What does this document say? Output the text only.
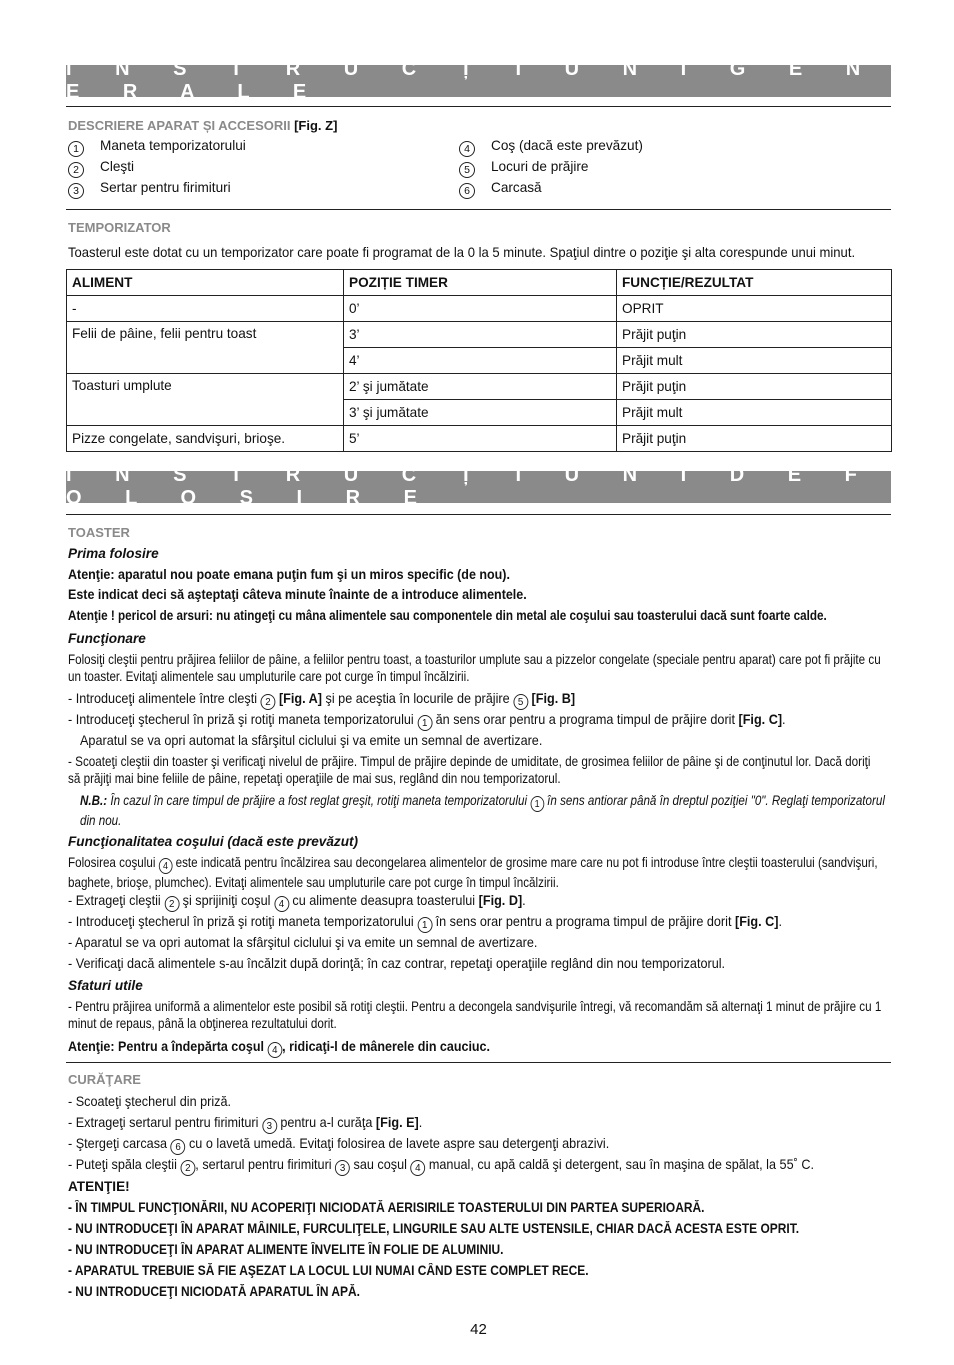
I N S T R U C Ț I U N I G E N E R A L E
DESCRIERE APARAT ȘI ACCESORII [Fig. Z]
1 Maneta temporizatorului
2 Cleşti
3 Sertar pentru firimituri
4 Coş (dacă este prevăzut)
5 Locuri de prăjire
6 Carcasă
TEMPORIZATOR
Toasterul este dotat cu un temporizator care poate fi programat de la 0 la 5 minute. Spaţiul dintre o poziţie şi alta corespunde unui minut.
ALIMENT	POZIȚIE TIMER	FUNCȚIE/REZULTAT
-	0’	OPRIT
Felii de pâine, felii pentru toast	3’	Prăjit puţin
	4’	Prăjit mult
Toasturi umplute	2’ şi jumătate	Prăjit puţin
	3’ şi jumătate	Prăjit mult
Pizze congelate, sandvişuri, brioşe.	5’	Prăjit puţin
I N S T R U C Ț I U N I D E F O L O S I R E
TOASTER
Prima folosire
Atenţie: aparatul nou poate emana puţin fum şi un miros specific (de nou).
Este indicat deci să aşteptaţi câteva minute înainte de a introduce alimentele.
Atenţie ! pericol de arsuri: nu atingeţi cu mâna alimentele sau componentele din metal ale coşului sau toasterului dacă sunt foarte calde.
Funcţionare
Folosiţi cleştii pentru prăjirea feliilor de pâine, a feliilor pentru toast, a toasturilor umplute sau a pizzelor congelate (speciale pentru aparat) care pot fi prăjite cu un toaster. Evitaţi alimentele sau umpluturile care pot curge în timpul încălzirii.
- Introduceţi alimentele între cleşti 2 [Fig. A] şi pe aceştia în locurile de prăjire 5 [Fig. B]
- Introduceţi ştecherul în priză şi rotiţi maneta temporizatorului 1 ăn sens orar pentru a programa timpul de prăjire dorit [Fig. C].
Aparatul se va opri automat la sfârşitul ciclului şi va emite un semnal de avertizare.
- Scoateţi cleştii din toaster şi verificaţi nivelul de prăjire. Timpul de prăjire depinde de umiditate, de grosimea feliilor de pâine şi de conţinutul lor. Dacă doriţi să prăjiţi mai bine feliile de pâine, repetaţi operaţiile de mai sus, reglând din nou temporizatorul.
N.B.: În cazul în care timpul de prăjire a fost reglat greşit, rotiţi maneta temporizatorului 1 în sens antiorar până în dreptul poziţiei "0". Reglaţi temporizatorul din nou.
Funcţionalitatea coşului (dacă este prevăzut)
Folosirea coşului 4 este indicată pentru încălzirea sau decongelarea alimentelor de grosime mare care nu pot fi introduse între cleştii toasterului (sandvişuri, baghete, brioşe, plumchec). Evitaţi alimentele sau umpluturile care pot curge în timpul încălzirii.
- Extrageţi cleştii 2 şi sprijiniţi coşul 4 cu alimente deasupra toasterului [Fig. D].
- Introduceţi ştecherul în priză şi rotiţi maneta temporizatorului 1 în sens orar pentru a programa timpul de prăjire dorit [Fig. C].
- Aparatul se va opri automat la sfârşitul ciclului şi va emite un semnal de avertizare.
- Verificaţi dacă alimentele s-au încălzit după dorinţă; în caz contrar, repetaţi operaţiile reglând din nou temporizatorul.
Sfaturi utile
- Pentru prăjirea uniformă a alimentelor este posibil să rotiţi cleştii. Pentru a decongela sandvişurile întregi, vă recomandăm să alternaţi 1 minut de prăjire cu 1 minut de repaus, până la obţinerea rezultatului dorit.
Atenţie: Pentru a îndepărta coşul 4 , ridicaţi-l de mânerele din cauciuc.
CURĂŢARE
- Scoateţi ştecherul din priză.
- Extrageţi sertarul pentru firimituri 3 pentru a-l curăţa [Fig. E].
- Ştergeţi carcasa 6 cu o lavetă umedă. Evitaţi folosirea de lavete aspre sau detergenţi abrazivi.
- Puteţi spăla cleştii 2 , sertarul pentru firimituri 3 sau coşul 4 manual, cu apă caldă şi detergent, sau în maşina de spălat, la 55˚ C.
ATENŢIE!
- ÎN TIMPUL FUNCŢIONĂRII, NU ACOPERIŢI NICIODATĂ AERISIRILE TOASTERULUI DIN PARTEA SUPERIOARĂ.
- NU INTRODUCEŢI ÎN APARAT MÂINILE, FURCULIŢELE, LINGURILE SAU ALTE USTENSILE, CHIAR DACĂ ACESTA ESTE OPRIT.
- NU INTRODUCEŢI ÎN APARAT ALIMENTE ÎNVELITE ÎN FOLIE DE ALUMINIU.
- APARATUL TREBUIE SĂ FIE AŞEZAT LA LOCUL LUI NUMAI CÂND ESTE COMPLET RECE.
- NU INTRODUCEŢI NICIODATĂ APARATUL ÎN APĂ.
42
